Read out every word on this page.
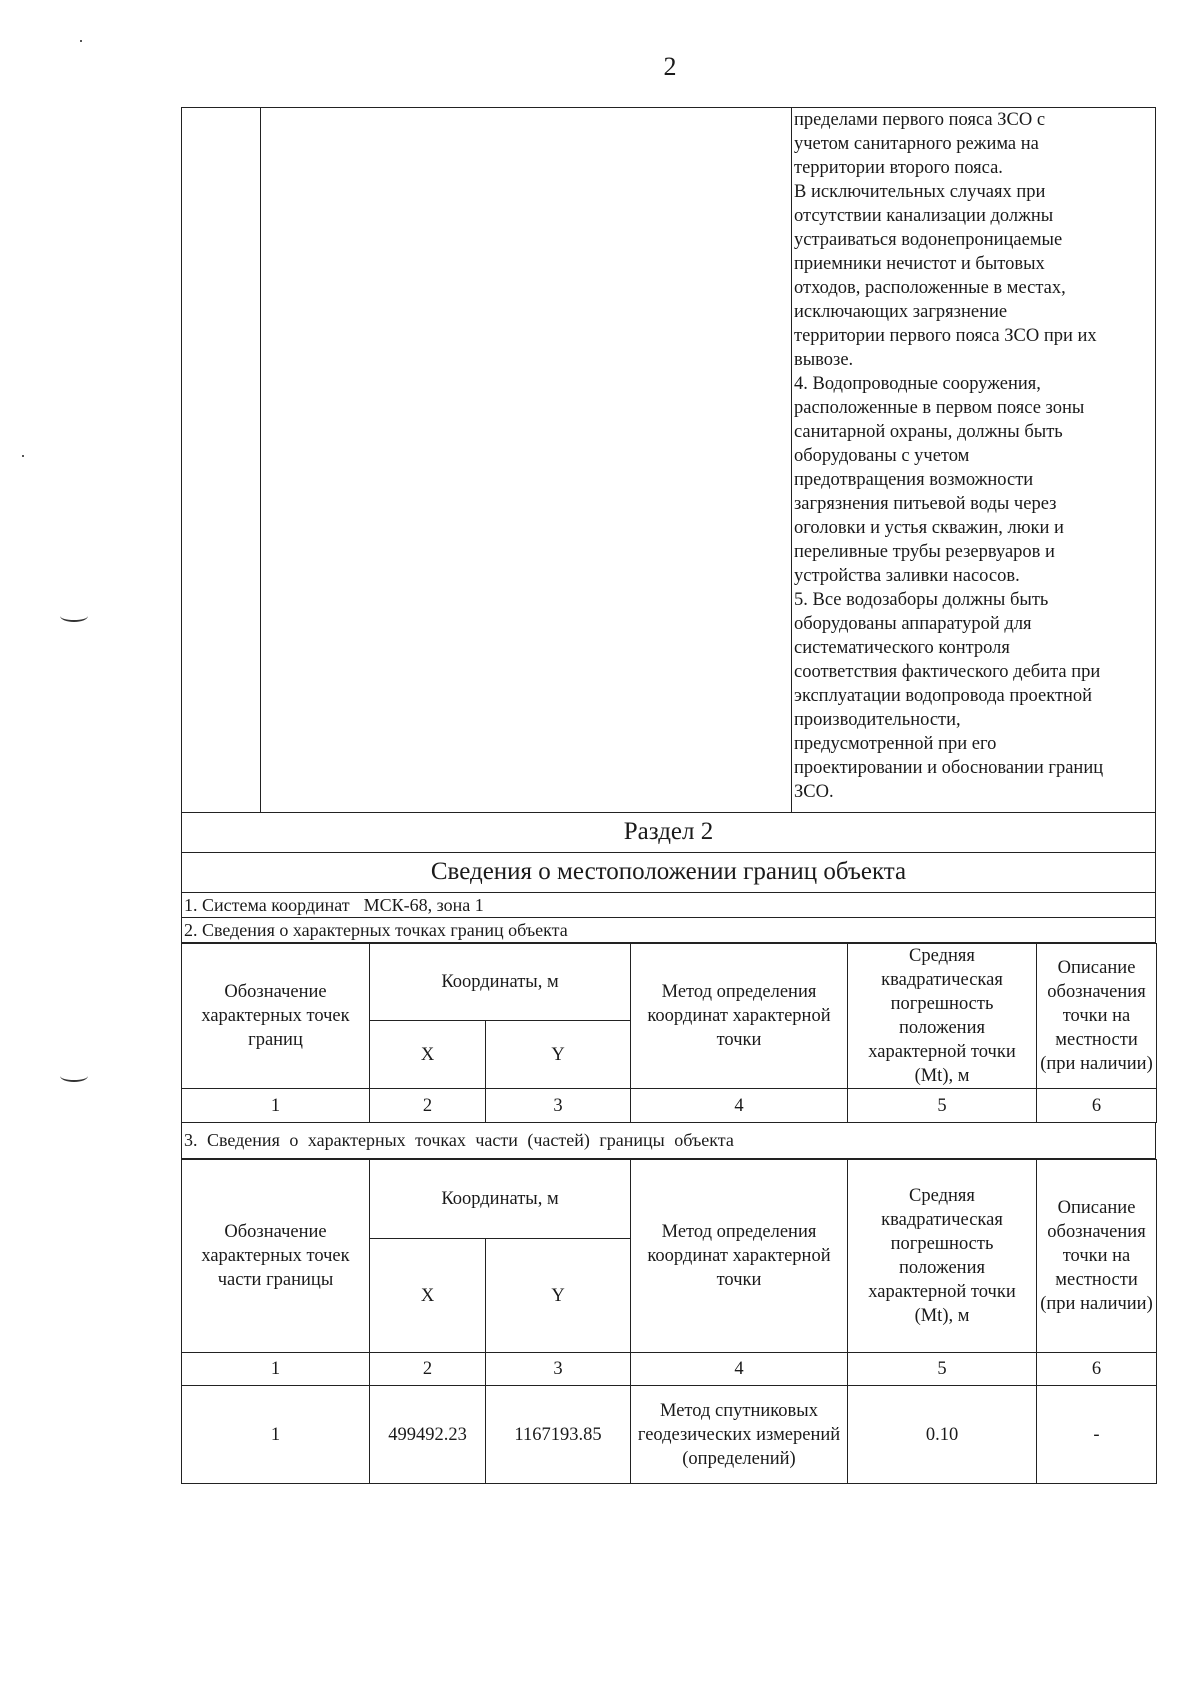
2
пределами первого пояса ЗСО с
учетом санитарного режима на
территории второго пояса.
В исключительных случаях при
отсутствии канализации должны
устраиваться водонепроницаемые
приемники нечистот и бытовых
отходов, расположенные в местах,
исключающих загрязнение
территории первого пояса ЗСО при их
вывозе.
4. Водопроводные сооружения,
расположенные в первом поясе зоны
санитарной охраны, должны быть
оборудованы с учетом
предотвращения возможности
загрязнения питьевой воды через
оголовки и устья скважин, люки и
переливные трубы резервуаров и
устройства заливки насосов.
5. Все водозаборы должны быть
оборудованы аппаратурой для
систематического контроля
соответствия фактического дебита при
эксплуатации водопровода проектной
производительности,
предусмотренной при его
проектировании и обосновании границ
ЗСО.
Раздел 2
Сведения о местоположении границ объекта
1. Система координат МСК-68, зона 1
2. Сведения о характерных точках границ объекта
Обозначение характерных точек границ	Координаты, м		Метод определения координат характерной точки	Средняя квадратическая погрешность положения характерной точки (Mt), м	Описание обозначения точки на местности (при наличии)
	X	Y			
1	2	3	4	5	6
3. Сведения о характерных точках части (частей) границы объекта
Обозначение характерных точек части границы	Координаты, м		Метод определения координат характерной точки	Средняя квадратическая погрешность положения характерной точки (Mt), м	Описание обозначения точки на местности (при наличии)
	X	Y			
1	2	3	4	5	6
1	499492.23	1167193.85	Метод спутниковых геодезических измерений (определений)	0.10	-
